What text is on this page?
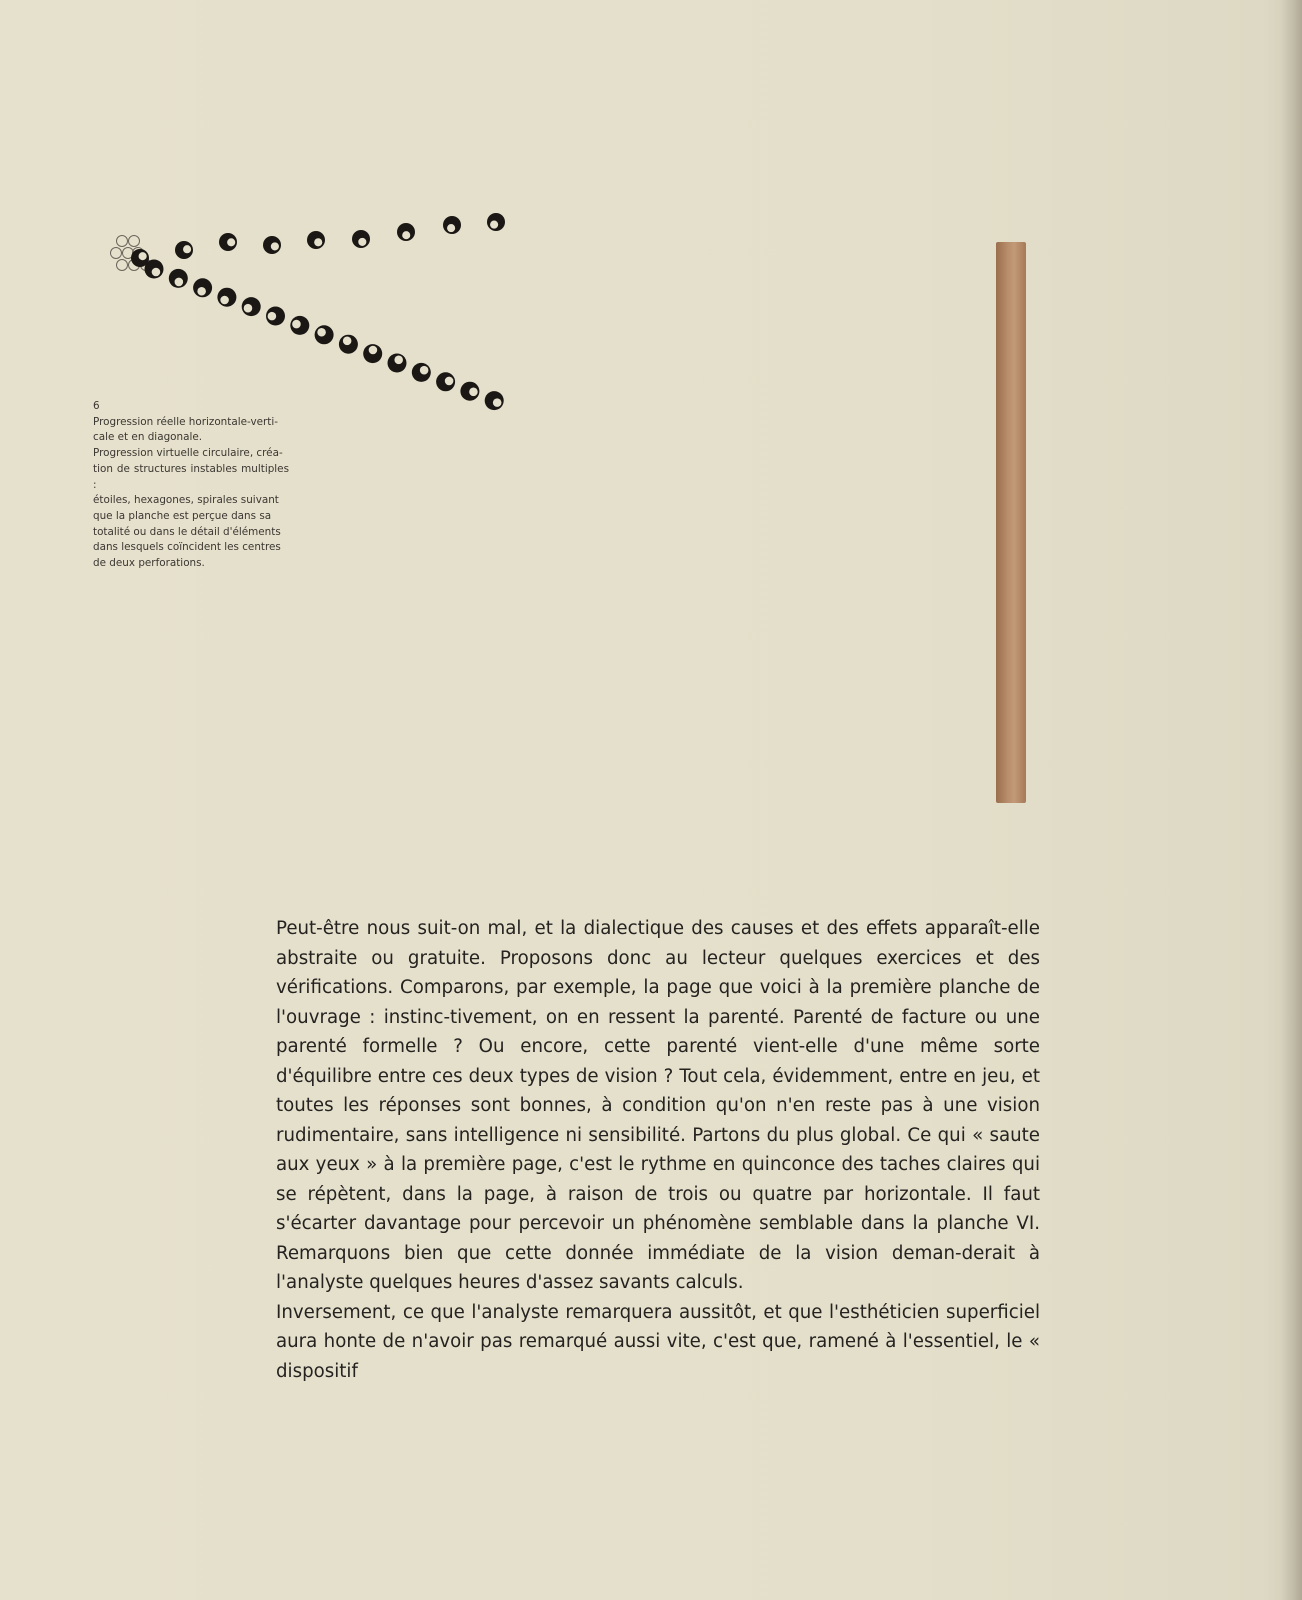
6

Progression réelle horizontale-verti-

cale et en diagonale.

Progression virtuelle circulaire, créa-

tion de structures instables multiples :

étoiles, hexagones, spirales suivant

que la planche est perçue dans sa

totalité ou dans le détail d'éléments

dans lesquels coïncident les centres

de deux perforations.

Peut-être nous suit-on mal, et la dialectique des causes et des effets apparaît-elle abstraite ou gratuite. Proposons donc au lecteur quelques exercices et des vérifications. Comparons, par exemple, la page que voici à la première planche de l'ouvrage : instinc-tivement, on en ressent la parenté. Parenté de facture ou une parenté formelle ? Ou encore, cette parenté vient-elle d'une même sorte d'équilibre entre ces deux types de vision ? Tout cela, évidemment, entre en jeu, et toutes les réponses sont bonnes, à condition qu'on n'en reste pas à une vision rudimentaire, sans intelligence ni sensibilité. Partons du plus global. Ce qui « saute aux yeux » à la première page, c'est le rythme en quinconce des taches claires qui se répètent, dans la page, à raison de trois ou quatre par horizontale. Il faut s'écarter davantage pour percevoir un phénomène semblable dans la planche VI. Remarquons bien que cette donnée immédiate de la vision deman-derait à l'analyste quelques heures d'assez savants calculs.

Inversement, ce que l'analyste remarquera aussitôt, et que l'esthéticien superficiel aura honte de n'avoir pas remarqué aussi vite, c'est que, ramené à l'essentiel, le « dispositif
